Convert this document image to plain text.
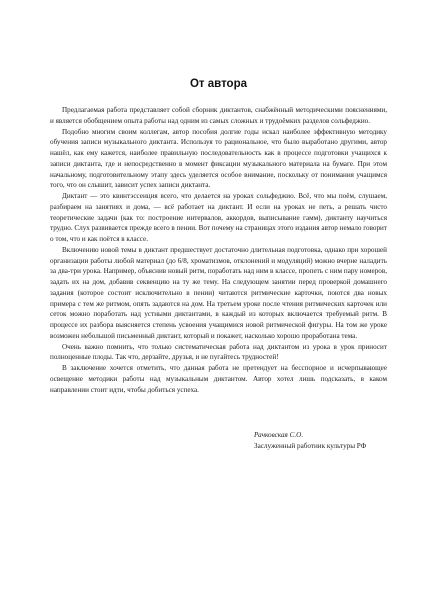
От автора

Предлагаемая работа представляет собой сборник диктантов, снабжённый методическими пояснениями, и является обобщением опыта работы над одним из самых сложных и трудоёмких разделов сольфеджио.

Подобно многим своим коллегам, автор пособия долгие годы искал наиболее эффективную методику обучения записи музыкального диктанта. Используя то рациональное, что было выработано другими, автор нашёл, как ему кажется, наиболее правильную последовательность как в процессе подготовки учащихся к записи диктанта, где и непосредственно в момент фиксации музыкального материала на бумаге. При этом начальному, подготовительному этапу здесь уделяется особое внимание, поскольку от понимания учащимся того, что он слышит, зависит успех записи диктанта.

Диктант — это квинтэссенция всего, что делается на уроках сольфеджио. Всё, что мы поём, слушаем, разбираем на занятиях и дома, — всё работает на диктант. И если на уроках не петь, а решать чисто теоретические задачи (как то: построение интервалов, аккордов, выписывание гамм), диктанту научиться трудно. Слух развивается прежде всего в пении. Вот почему на страницах этого издания автор немало говорит о том, что и как поётся в классе.

Включению новой темы в диктант предшествует достаточно длительная подготовка, однако при хорошей организации работы любой материал (до 6/8, хроматизмов, отклонений и модуляций) можно вчерне наладить за два-три урока. Например, объяснив новый ритм, поработать над ним в классе, пропеть с ним пару номеров, задать их на дом, добавив секвенцию на ту же тему. На следующем занятии перед проверкой домашнего задания (которое состоит исключительно в пении) читаются ритмические карточки, поются два новых примера с тем же ритмом, опять задаются на дом. На третьем уроке после чтения ритмических карточек или сеток можно поработать над устными диктантами, в каждый из которых включается требуемый ритм. В процессе их разбора выясняется степень усвоения учащимися новой ритмической фигуры. На том же уроке возможен небольшой письменный диктант, который и покажет, насколько хорошо проработана тема.

Очень важно помнить, что только систематическая работа над диктантом из урока в урок приносит полноценные плоды. Так что, дерзайте, друзья, и не пугайтесь трудностей!

В заключение хочется отметить, что данная работа не претендует на бесспорное и исчерпывающее освещение методики работы над музыкальным диктантом. Автор хотел лишь подсказать, в каком направлении стоит идти, чтобы добиться успеха.

Рачковская С.О.
Заслуженный работник культуры РФ
